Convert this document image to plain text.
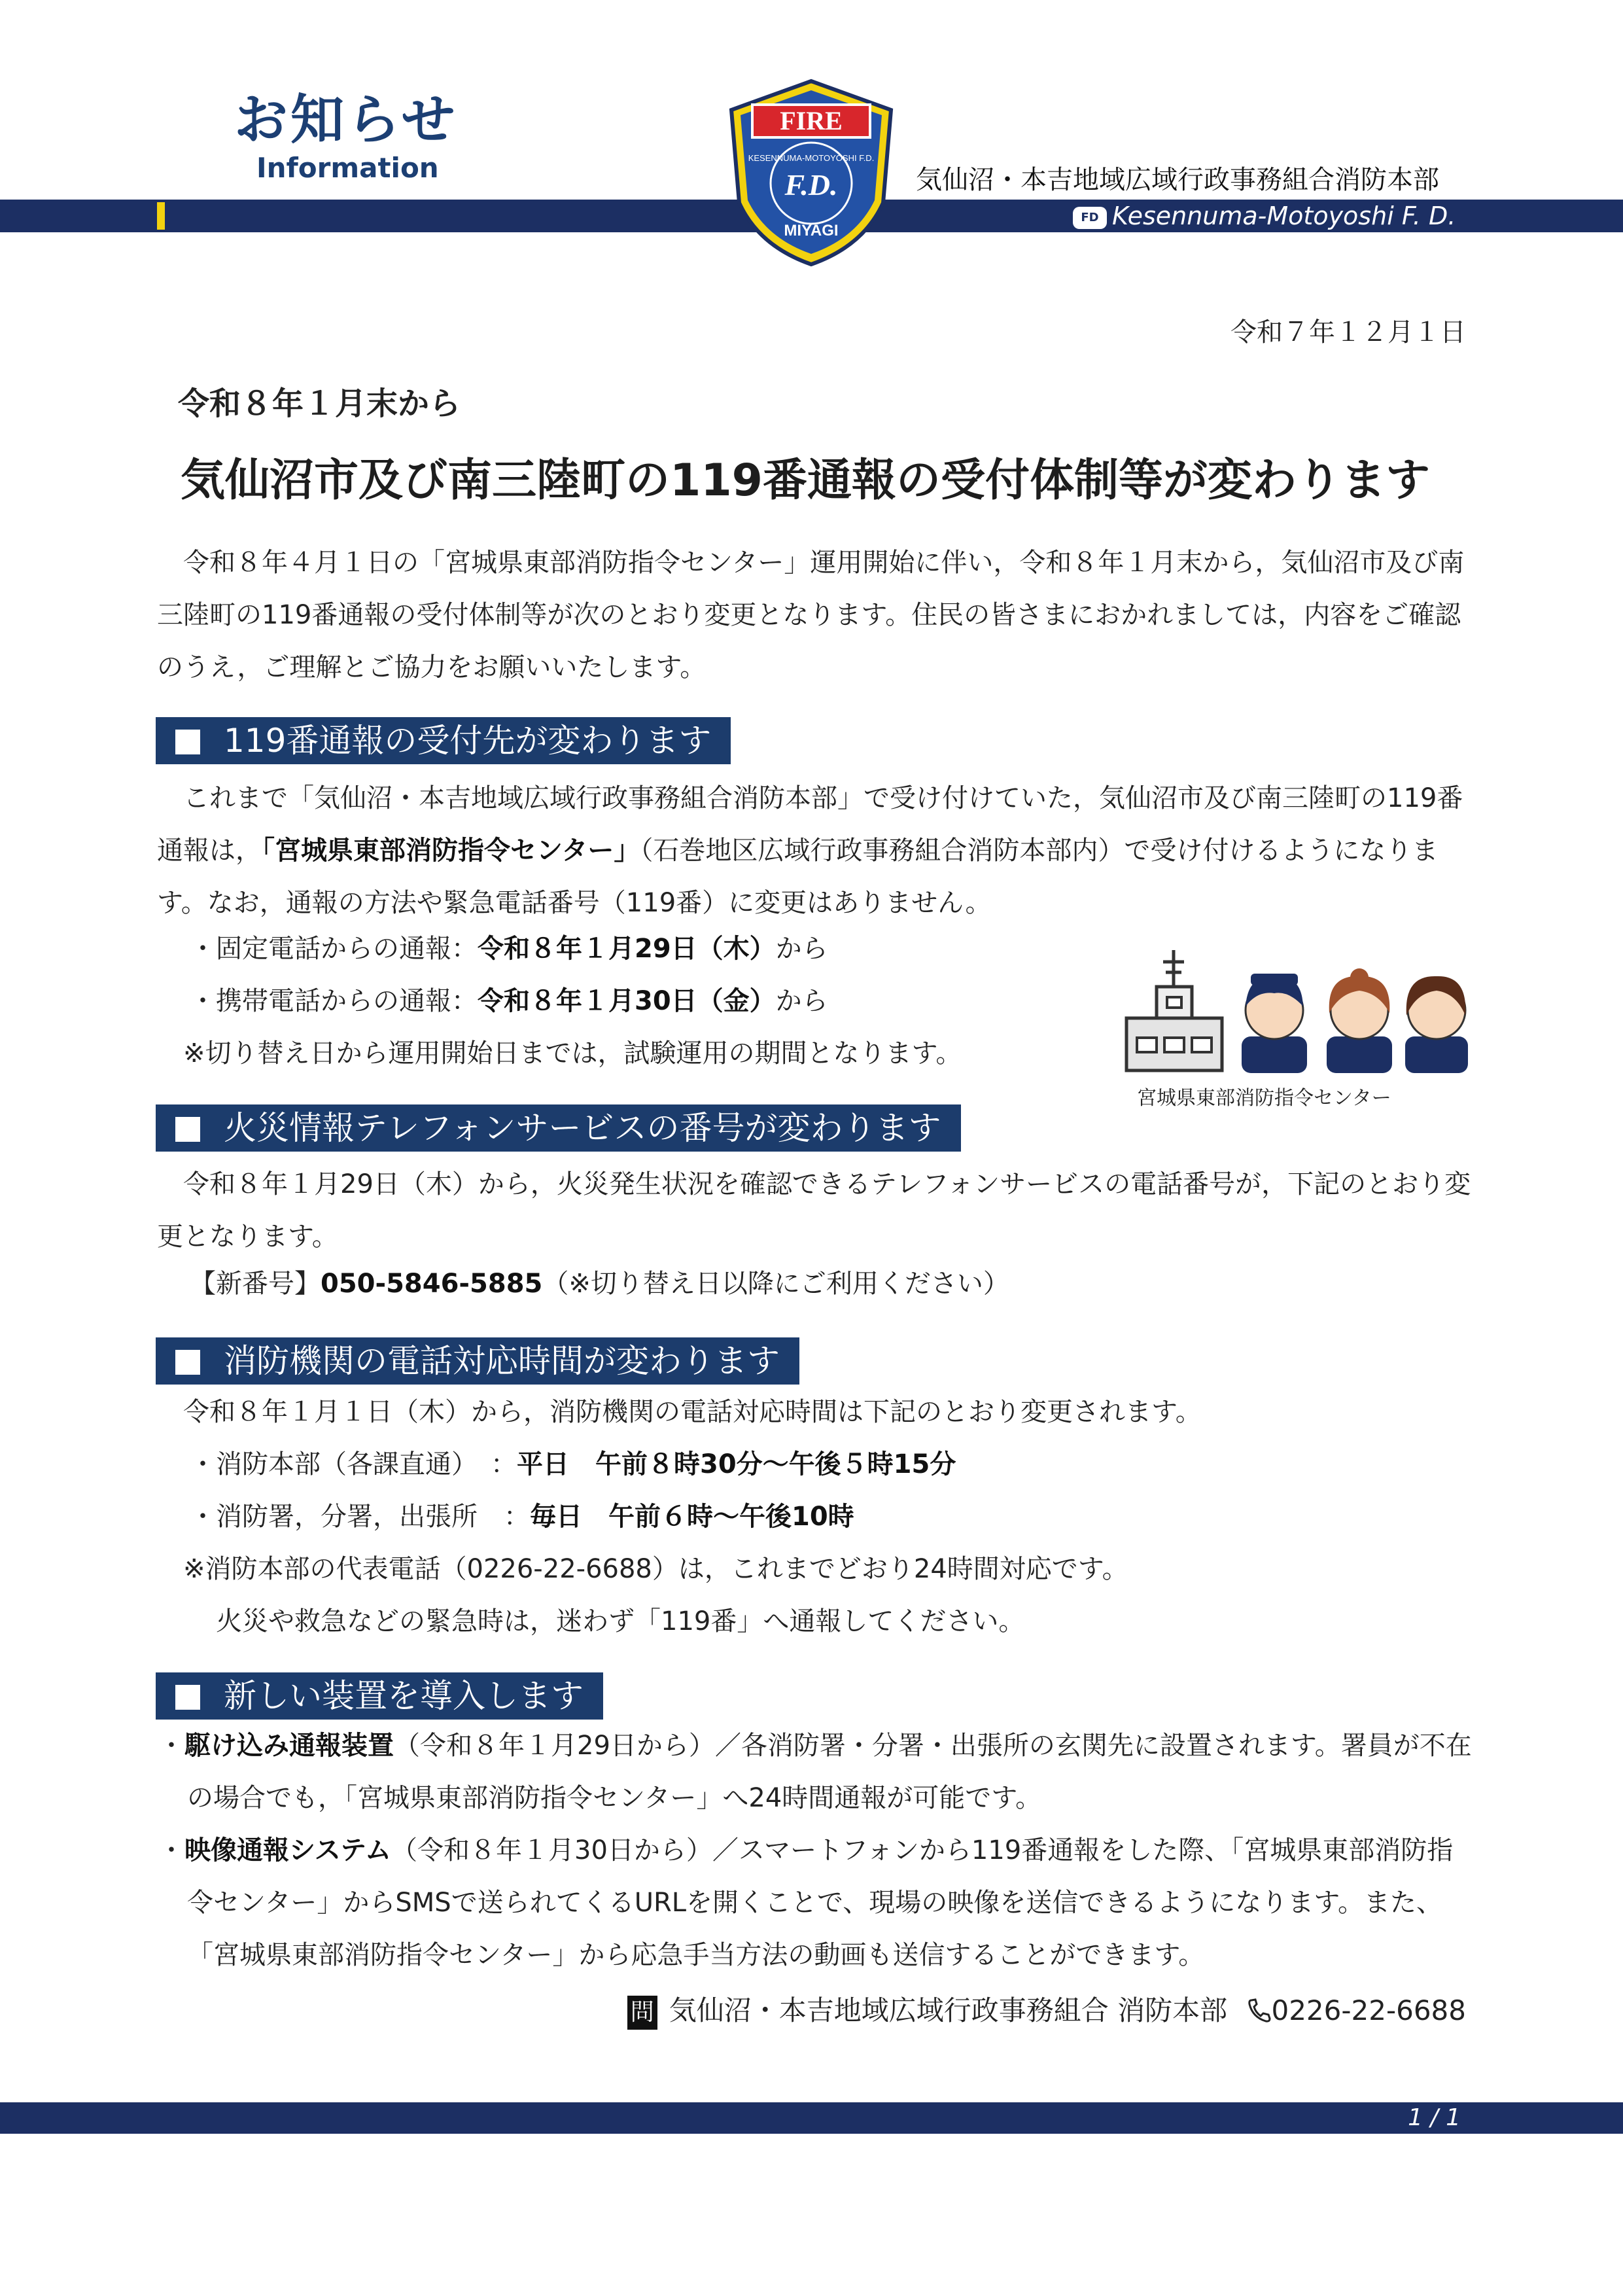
お知らせ
Information	気仙沼・本吉地域広域行政事務組合消防本部
FD Kesennuma-Motoyoshi F. D.
FIRE
KESENNUMA-MOTOYOSHI F.D.
F.D.
MIYAGI
令和７年１２月１日
令和８年１月末から
気仙沼市及び南三陸町の119番通報の受付体制等が変わります

令和８年４月１日の「宮城県東部消防指令センター」運用開始に伴い，令和８年１月末から，気仙沼市及び南三陸町の119番通報の受付体制等が次のとおり変更となります。住民の皆さまにおかれましては，内容をご確認のうえ，ご理解とご協力をお願いいたします。

119番通報の受付先が変わります

これまで「気仙沼・本吉地域広域行政事務組合消防本部」で受け付けていた，気仙沼市及び南三陸町の119番通報は，「宮城県東部消防指令センター」（石巻地区広域行政事務組合消防本部内）で受け付けるようになります。なお，通報の方法や緊急電話番号（119番）に変更はありません。

・固定電話からの通報：令和８年１月29日（木）から
・携帯電話からの通報：令和８年１月30日（金）から
※切り替え日から運用開始日までは，試験運用の期間となります。
宮城県東部消防指令センター
火災情報テレフォンサービスの番号が変わります

令和８年１月29日（木）から，火災発生状況を確認できるテレフォンサービスの電話番号が，下記のとおり変更となります。

【新番号】050-5846-5885（※切り替え日以降にご利用ください）
消防機関の電話対応時間が変わります
令和８年１月１日（木）から，消防機関の電話対応時間は下記のとおり変更されます。
・消防本部（各課直通）　：平日　午前８時30分～午後５時15分
・消防署，分署，出張所　：毎日　午前６時～午後10時
※消防本部の代表電話（0226-22-6688）は，これまでどおり24時間対応です。
火災や救急などの緊急時は，迷わず「119番」へ通報してください。
新しい装置を導入します

・駆け込み通報装置（令和８年１月29日から）／各消防署・分署・出張所の玄関先に設置されます。署員が不在の場合でも，「宮城県東部消防指令センター」へ24時間通報が可能です。

・映像通報システム（令和８年１月30日から）／スマートフォンから119番通報をした際、「宮城県東部消防指令センター」からSMSで送られてくるURLを開くことで、現場の映像を送信できるようになります。また、「宮城県東部消防指令センター」から応急手当方法の動画も送信することができます。

問 気仙沼・本吉地域広域行政事務組合 消防本部 0226-22-6688
1 / 1
